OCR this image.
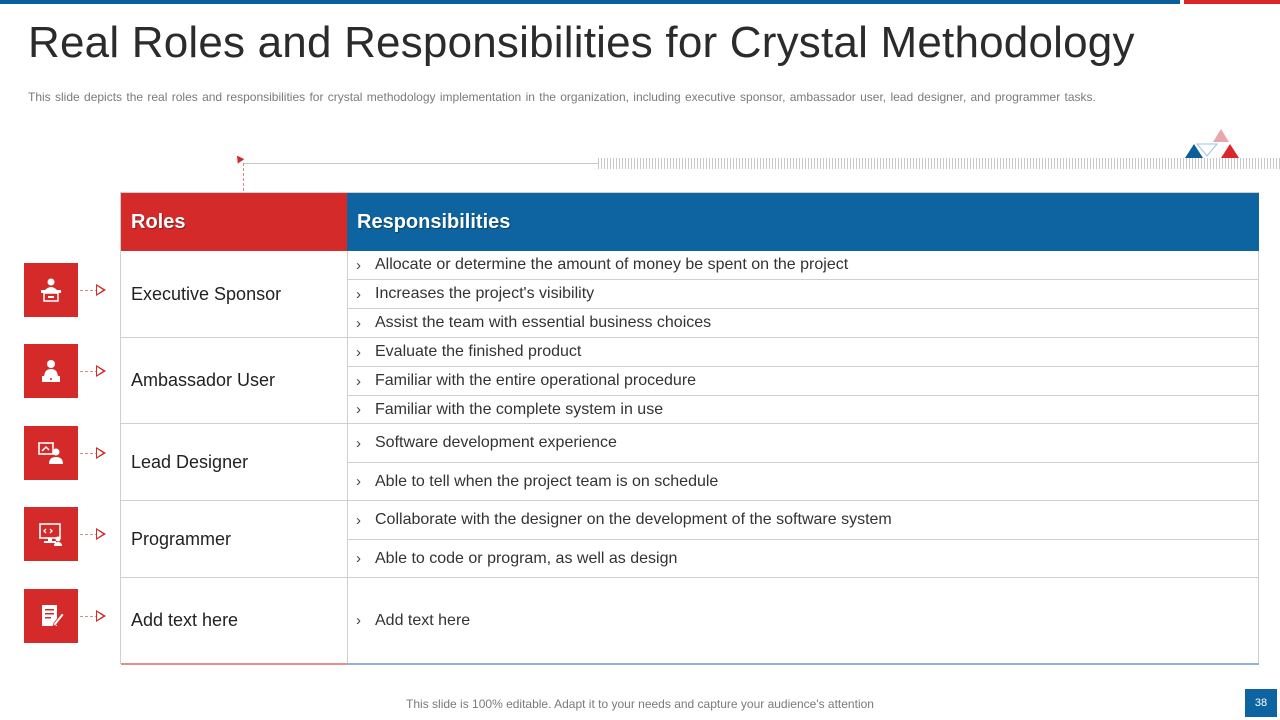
Real Roles and Responsibilities for Crystal Methodology

This slide depicts the real roles and responsibilities for crystal methodology implementation in the organization, including executive sponsor, ambassador user, lead designer, and programmer tasks.

Roles	Responsibilities
Executive Sponsor
Ambassador User
Lead Designer
Programmer
Add text here
› Allocate or determine the amount of money be spent on the project
› Increases the project's visibility
› Assist the team with essential business choices
› Evaluate the finished product
› Familiar with the entire operational procedure
› Familiar with the complete system in use
› Software development experience
› Able to tell when the project team is on schedule
› Collaborate with the designer on the development of the software system
› Able to code or program, as well as design
› Add text here
This slide is 100% editable. Adapt it to your needs and capture your audience's attention	38
